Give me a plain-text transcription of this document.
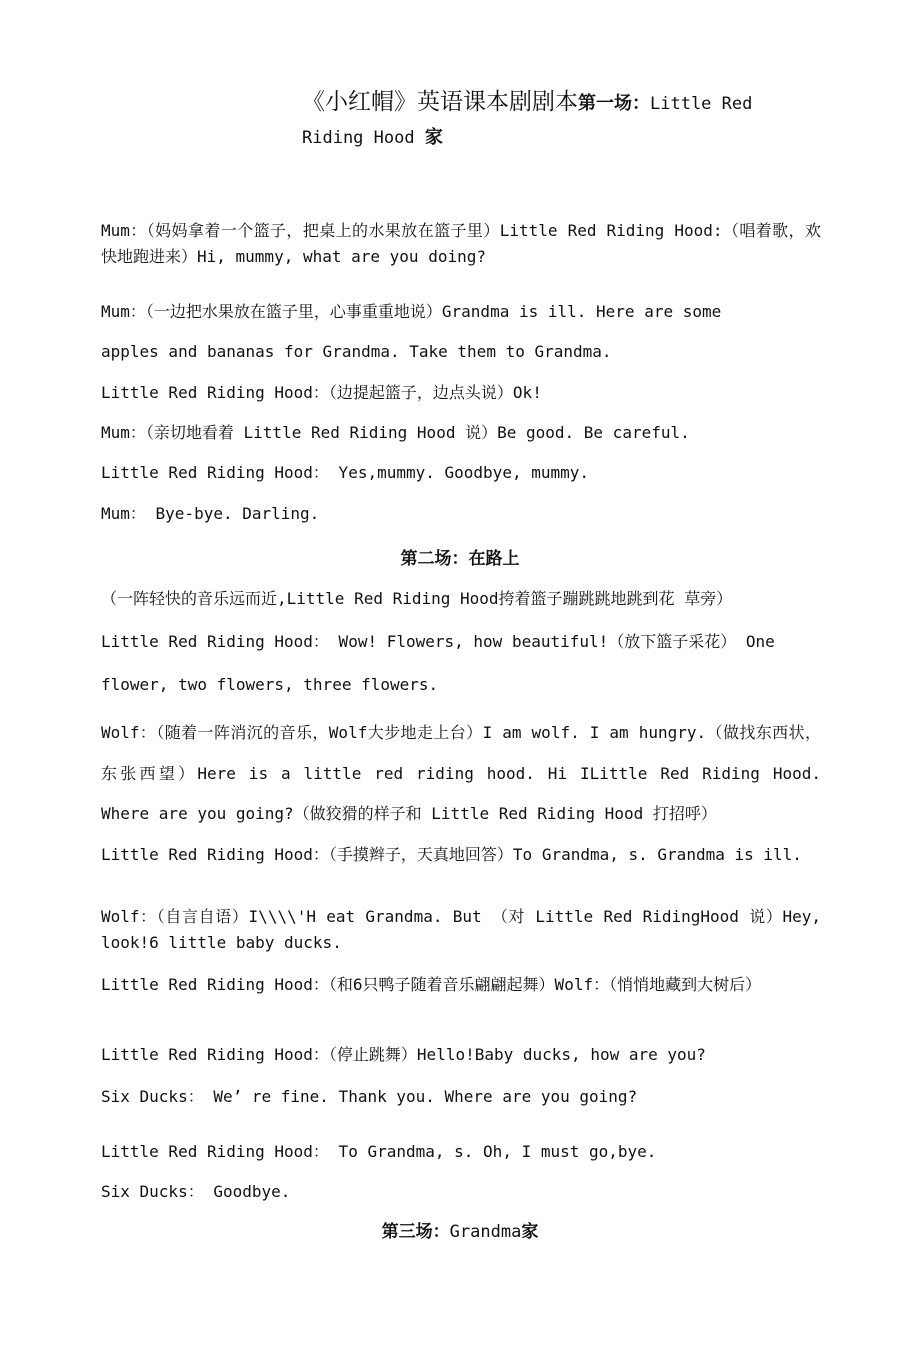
《小红帽》英语课本剧剧本第一场：Little Red
Riding Hood 家
Mum：（妈妈拿着一个篮子，把桌上的水果放在篮子里）Little Red Riding Hood:（唱着歌，欢快地跑进来）Hi, mummy, what are you doing?
Mum：（一边把水果放在篮子里，心事重重地说）Grandma is ill. Here are some
apples and bananas for Grandma. Take them to Grandma.
Little Red Riding Hood：（边提起篮子，边点头说）Ok!
Mum：（亲切地看着 Little Red Riding Hood 说）Be good. Be careful.
Little Red Riding Hood： Yes,mummy. Goodbye, mummy.
Mum： Bye-bye. Darling.
第二场：在路上
（一阵轻快的音乐远而近,Little Red Riding Hood挎着篮子蹦跳跳地跳到花 草旁）
Little Red Riding Hood： Wow! Flowers, how beautiful!（放下篮子采花） One
flower, two flowers, three flowers.
Wolf：（随着一阵消沉的音乐，Wolf大步地走上台）I am wolf. I am hungry.（做找东西状，东张西望）Here is a little red riding hood. Hi ILittle Red Riding Hood. Where are you going?（做狡猾的样子和 Little Red Riding Hood 打招呼）
Little Red Riding Hood：（手摸辫子，天真地回答）To Grandma, s. Grandma is ill.
Wolf：（自言自语）I\\\\'H eat Grandma. But （对 Little Red RidingHood 说）Hey, look!6 little baby ducks.
Little Red Riding Hood：（和6只鸭子随着音乐翩翩起舞）Wolf：（悄悄地藏到大树后）
Little Red Riding Hood：（停止跳舞）Hello!Baby ducks, how are you?
Six Ducks： We’ re fine. Thank you. Where are you going?
Little Red Riding Hood： To Grandma, s. Oh, I must go,bye.
Six Ducks： Goodbye.
第三场：Grandma家
